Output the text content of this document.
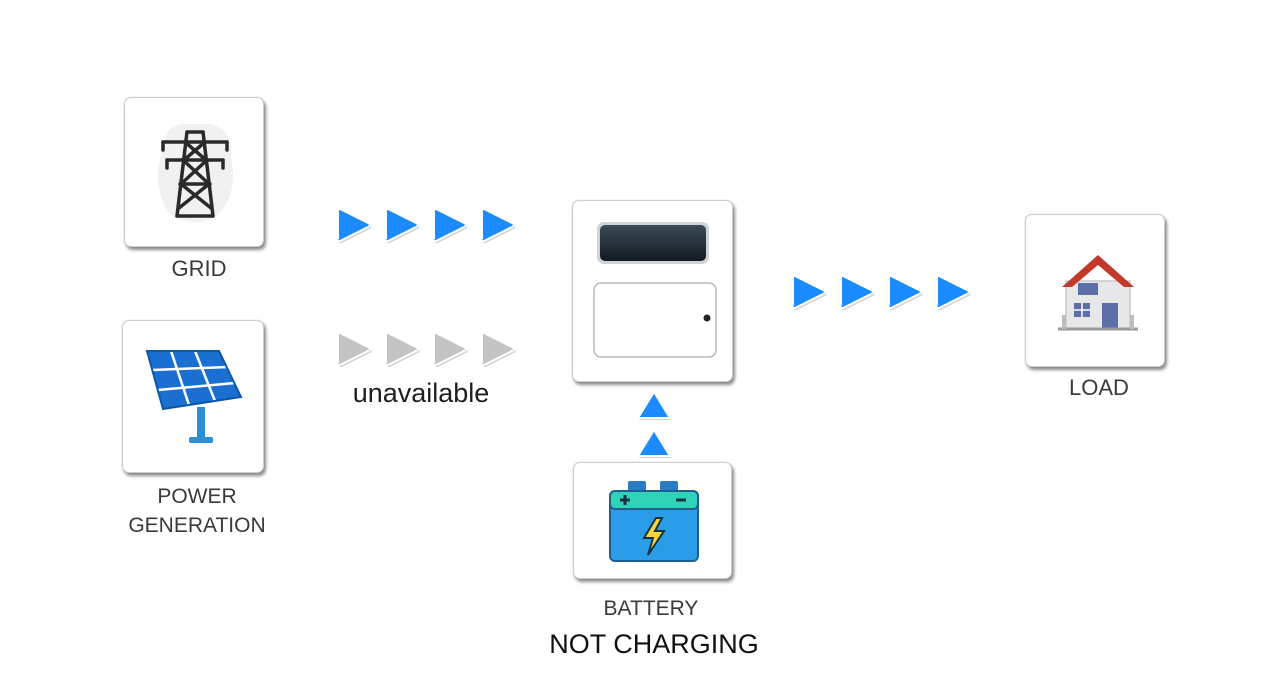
GRID
POWER
GENERATION
unavailable
BATTERY
NOT CHARGING
LOAD
